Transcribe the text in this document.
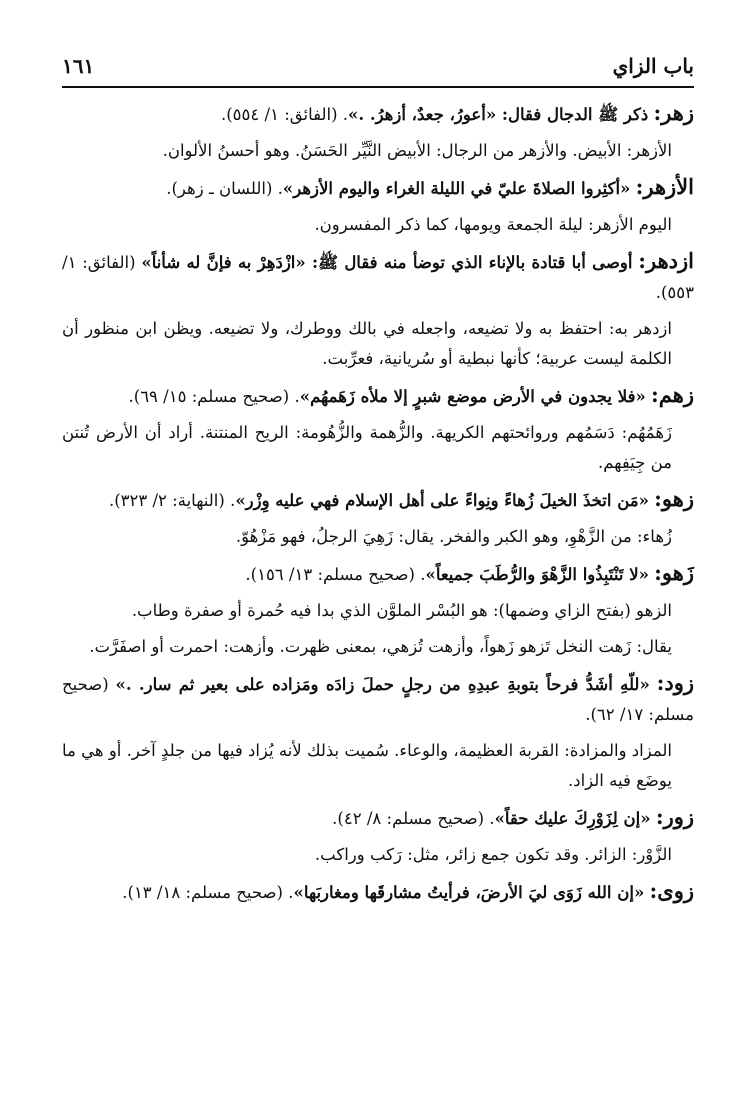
باب الزاي
١٦١

زهر: ذكر ﷺ الدجال فقال: «أعورُ، جعدٌ، أزهرُ. .». (الفائق: ١/ ٥٥٤).

الأزهر: الأبيض. والأزهر من الرجال: الأبيض النَّيِّر الحَسَنُ. وهو أحسنُ الألوان.

الأزهر: «أكثِروا الصلاةَ عليّ في الليلة الغراء واليوم الأزهر». (اللسان ـ زهر).

اليوم الأزهر: ليلة الجمعة ويومها، كما ذكر المفسرون.

ازدهر: أوصى أبا قتادة بالإناء الذي توضأ منه فقال ﷺ: «ازْدَهِرْ به فإنَّ له شأناً» (الفائق: ١/ ٥٥٣).

ازدهر به: احتفظ به ولا تضيعه، واجعله في بالك ووطرك، ولا تضيعه. ويظن ابن منظور أن الكلمة ليست عربية؛ كأنها نبطية أو سُريانية، فعرِّبت.

زهم: «فلا يجدون في الأرض موضع شبرٍ إلا ملأه زَهَمهُم». (صحيح مسلم: ١٥/ ٦٩).

زَهَمُهُم: دَسَمُهم وروائحتهم الكريهة. والزُّهمة والزُّهُومة: الريح المنتنة. أراد أن الأرض تُنتن من جِيَفِهم.

زهو: «مَن اتخذَ الخيلَ زُهاءً ونِواءً على أهل الإسلام فهي عليه وِزْر». (النهاية: ٢/ ٣٢٣).

زُهاء: من الزَّهْوِ، وهو الكبر والفخر. يقال: زَهِيَ الرجلُ، فهو مَزْهُوّ.

زَهو: «لا تَنْتَبِذُوا الزَّهْوَ والرُّطَبَ جميعاً». (صحيح مسلم: ١٣/ ١٥٦).

الزهو (بفتح الزاي وضمها): هو البُسْر الملوَّن الذي بدا فيه حُمرة أو صفرة وطاب.

يقال: زَهت النخل تَزهو زَهواً، وأزهت تُزهي، بمعنى ظهرت. وأزهت: احمرت أو اصفَرَّت.

زود: «للّهِ أشَدُّ فرحاً بتوبةِ عبدِهِ من رجلٍ حملَ زادَه ومَزاده على بعير ثم سار. .» (صحيح مسلم: ١٧/ ٦٢).

المزاد والمزادة: القربة العظيمة، والوعاء. سُميت بذلك لأنه يُزاد فيها من جلدٍ آخر. أو هي ما يوضَع فيه الزاد.

زور: «إن لِزَوْرِكَ عليك حقاً». (صحيح مسلم: ٨/ ٤٢).

الزَّوْر: الزائر. وقد تكون جمع زائر، مثل: رَكب وراكب.

زوى: «إن الله زَوَى ليَ الأرضَ، فرأيتُ مشارقَها ومغاربَها». (صحيح مسلم: ١٨/ ١٣).
